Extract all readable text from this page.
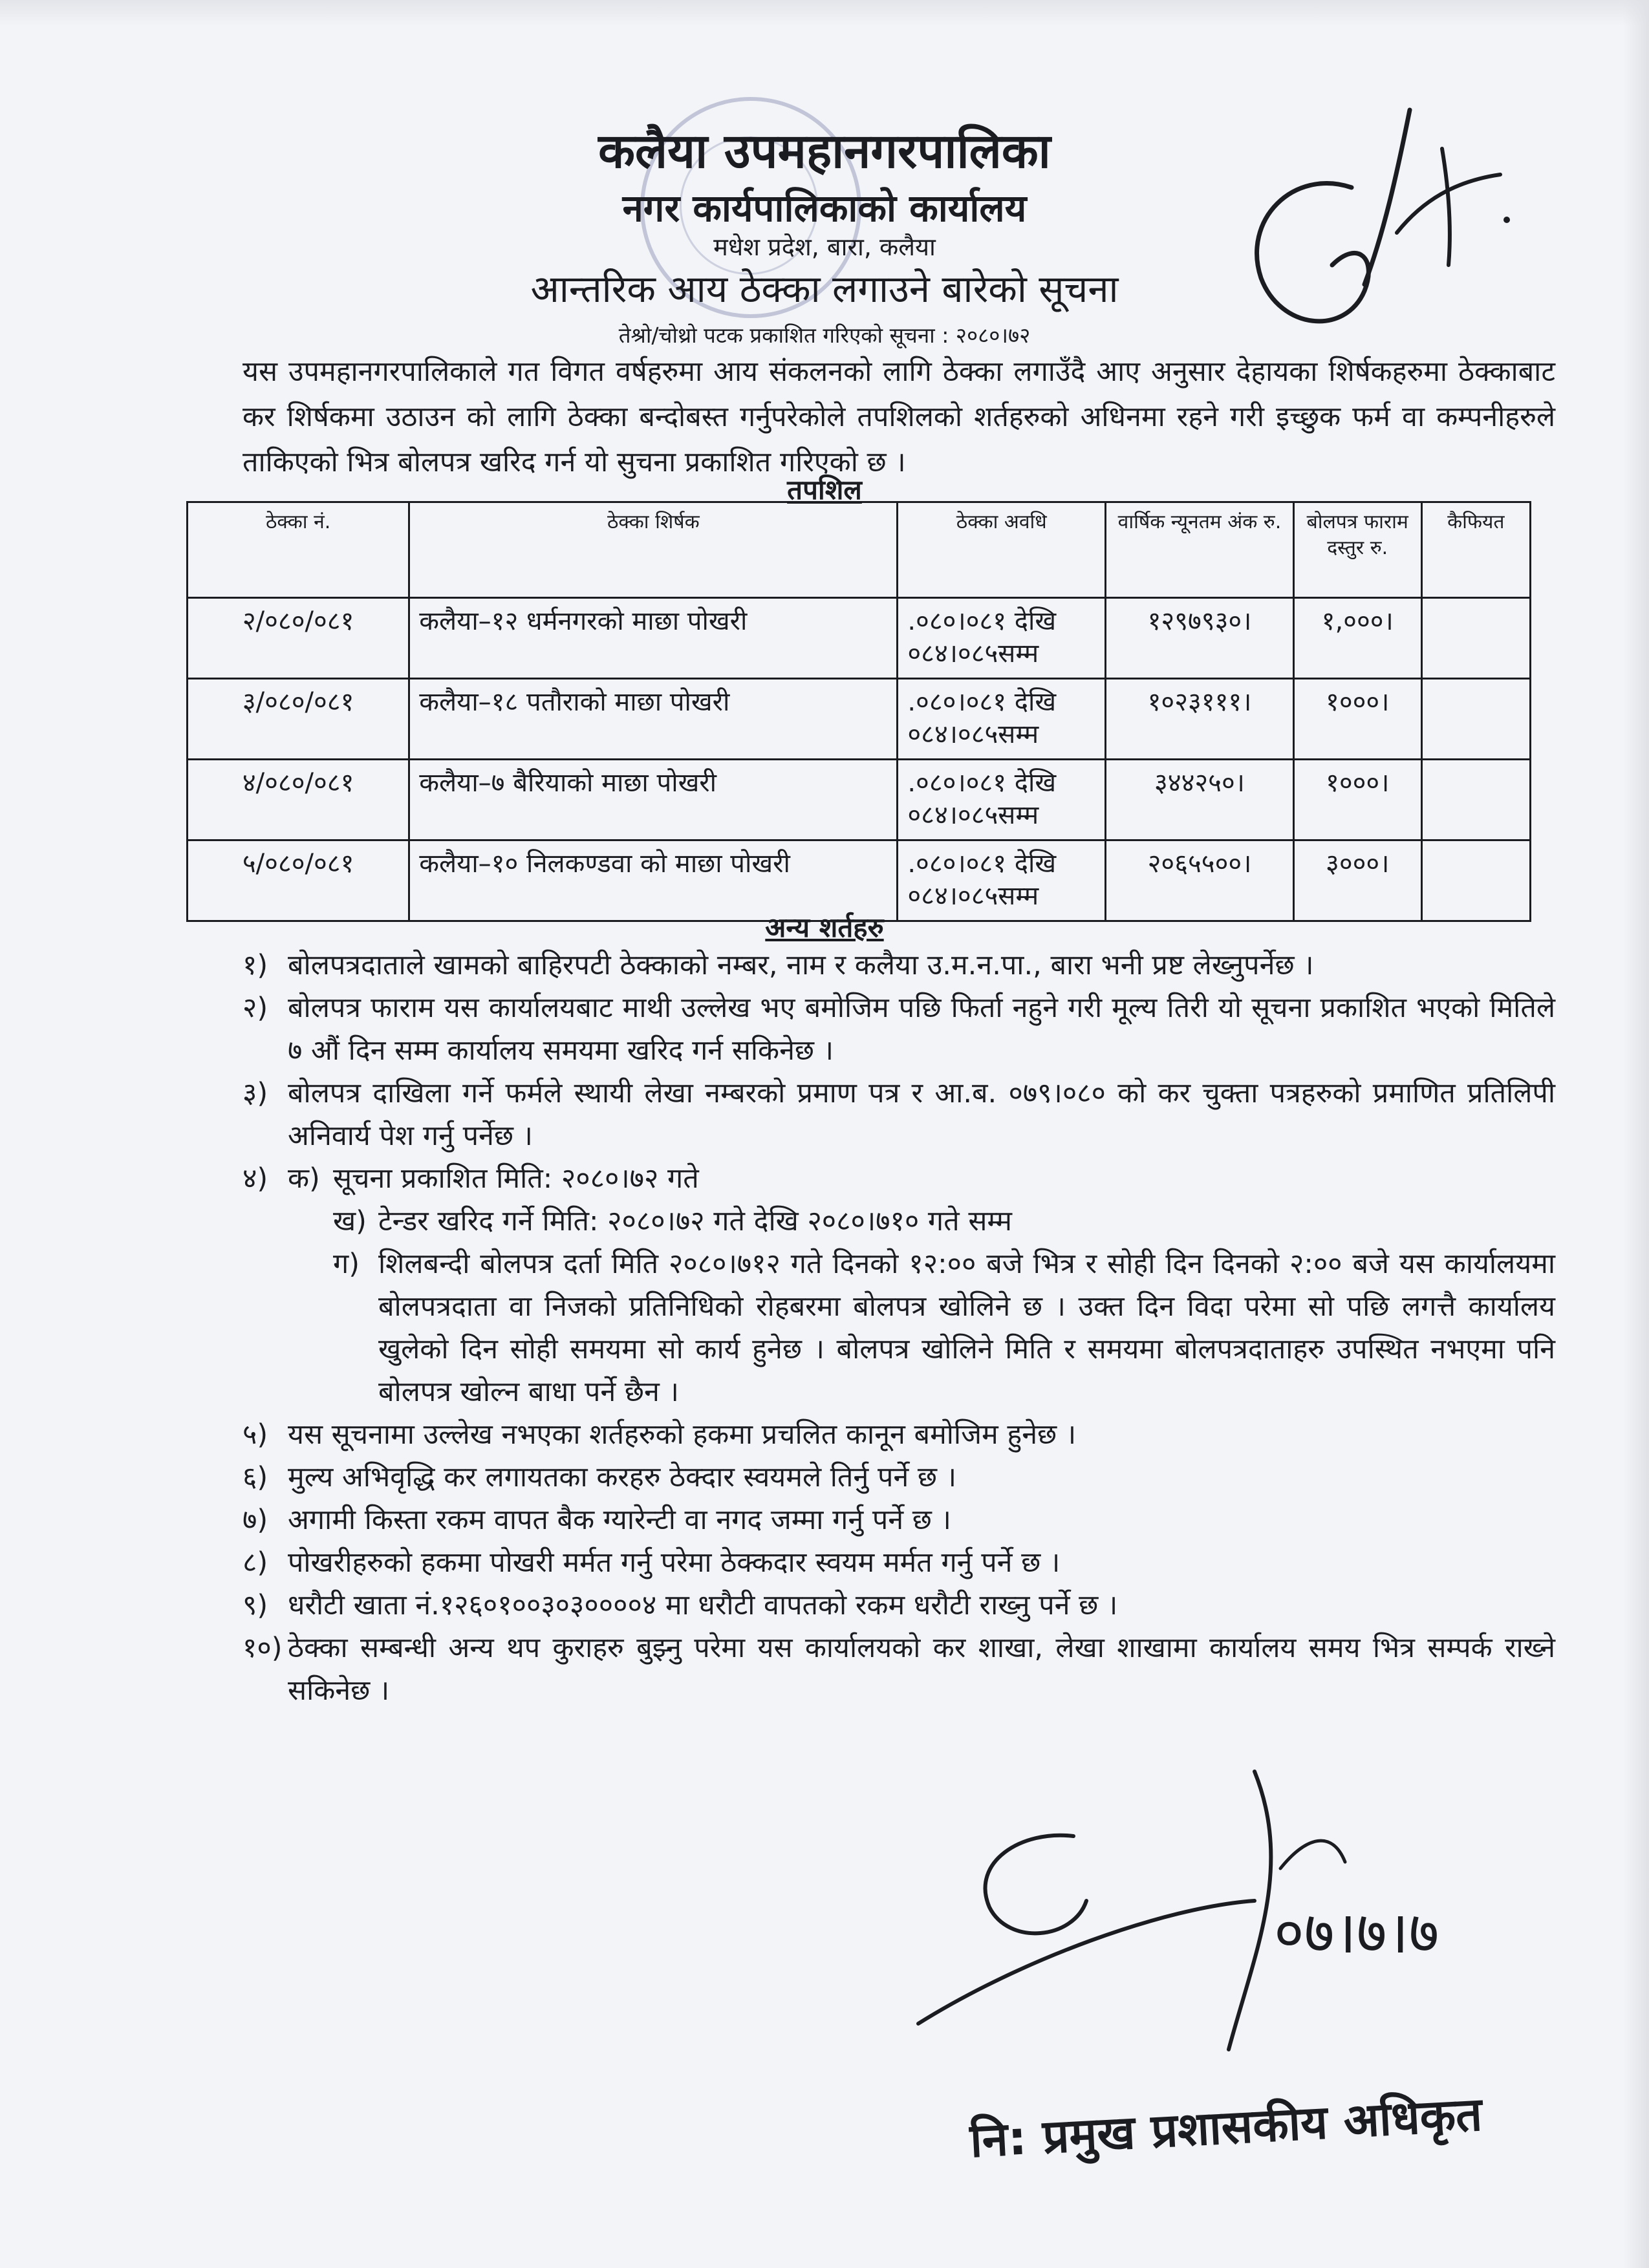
कलैया उपमहानगरपालिका
नगर कार्यपालिकाको कार्यालय
मधेश प्रदेश, बारा, कलैया
आन्तरिक आय ठेक्का लगाउने बारेको सूचना
तेश्रो/चोथ्रो पटक प्रकाशित गरिएको सूचना : २०८०।७२
यस उपमहानगरपालिकाले गत विगत वर्षहरुमा आय संकलनको लागि ठेक्का लगाउँदै आए अनुसार देहायका शिर्षकहरुमा ठेक्काबाट कर शिर्षकमा उठाउन को लागि ठेक्का बन्दोबस्त गर्नुपरेकोले तपशिलको शर्तहरुको अधिनमा रहने गरी इच्छुक फर्म वा कम्पनीहरुले ताकिएको भित्र बोलपत्र खरिद गर्न यो सुचना प्रकाशित गरिएको छ ।
तपशिल
ठेक्का नं.	ठेक्का शिर्षक	ठेक्का अवधि	वार्षिक न्यूनतम अंक रु.	बोलपत्र फाराम दस्तुर रु.	कैफियत
२/०८०/०८१	कलैया–१२ धर्मनगरको माछा पोखरी	.०८०।०८१ देखि ०८४।०८५सम्म	१२९७९३०।	१,०००।	
३/०८०/०८१	कलैया–१८ पतौराको माछा पोखरी	.०८०।०८१ देखि ०८४।०८५सम्म	१०२३१११।	१०००।	
४/०८०/०८१	कलैया–७ बैरियाको माछा पोखरी	.०८०।०८१ देखि ०८४।०८५सम्म	३४४२५०।	१०००।	
५/०८०/०८१	कलैया–१० निलकण्डवा को माछा पोखरी	.०८०।०८१ देखि ०८४।०८५सम्म	२०६५५००।	३०००।	
अन्य शर्तहरु
१) बोलपत्रदाताले खामको बाहिरपटी ठेक्काको नम्बर, नाम र कलैया उ.म.न.पा., बारा भनी प्रष्ट लेख्नुपर्नेछ ।
२) बोलपत्र फाराम यस कार्यालयबाट माथी उल्लेख भए बमोजिम पछि फिर्ता नहुने गरी मूल्य तिरी यो सूचना प्रकाशित भएको मितिले ७ औं दिन सम्म कार्यालय समयमा खरिद गर्न सकिनेछ ।
३) बोलपत्र दाखिला गर्ने फर्मले स्थायी लेखा नम्बरको प्रमाण पत्र र आ.ब. ०७९।०८० को कर चुक्ता पत्रहरुको प्रमाणित प्रतिलिपी अनिवार्य पेश गर्नु पर्नेछ ।
४) क) सूचना प्रकाशित मिति: २०८०।७२ गते
ख) टेन्डर खरिद गर्ने मिति: २०८०।७२ गते देखि २०८०।७१० गते सम्म
ग) शिलबन्दी बोलपत्र दर्ता मिति २०८०।७१२ गते दिनको १२:०० बजे भित्र र सोही दिन दिनको २:०० बजे यस कार्यालयमा बोलपत्रदाता वा निजको प्रतिनिधिको रोहबरमा बोलपत्र खोलिने छ । उक्त दिन विदा परेमा सो पछि लगत्तै कार्यालय खुलेको दिन सोही समयमा सो कार्य हुनेछ । बोलपत्र खोलिने मिति र समयमा बोलपत्रदाताहरु उपस्थित नभएमा पनि बोलपत्र खोल्न बाधा पर्ने छैन ।
५) यस सूचनामा उल्लेख नभएका शर्तहरुको हकमा प्रचलित कानून बमोजिम हुनेछ ।
६) मुल्य अभिवृद्धि कर लगायतका करहरु ठेक्दार स्वयमले तिर्नु पर्ने छ ।
७) अगामी किस्ता रकम वापत बैक ग्यारेन्टी वा नगद जम्मा गर्नु पर्ने छ ।
८) पोखरीहरुको हकमा पोखरी मर्मत गर्नु परेमा ठेक्कदार स्वयम मर्मत गर्नु पर्ने छ ।
९) धरौटी खाता नं.१२६०१००३०३००००४ मा धरौटी वापतको रकम धरौटी राख्नु पर्ने छ ।
१०) ठेक्का सम्बन्धी अन्य थप कुराहरु बुझ्नु परेमा यस कार्यालयको कर शाखा, लेखा शाखामा कार्यालय समय भित्र सम्पर्क राख्ने सकिनेछ ।
०७।७।७
नि: प्रमुख प्रशासकीय अधिकृत
